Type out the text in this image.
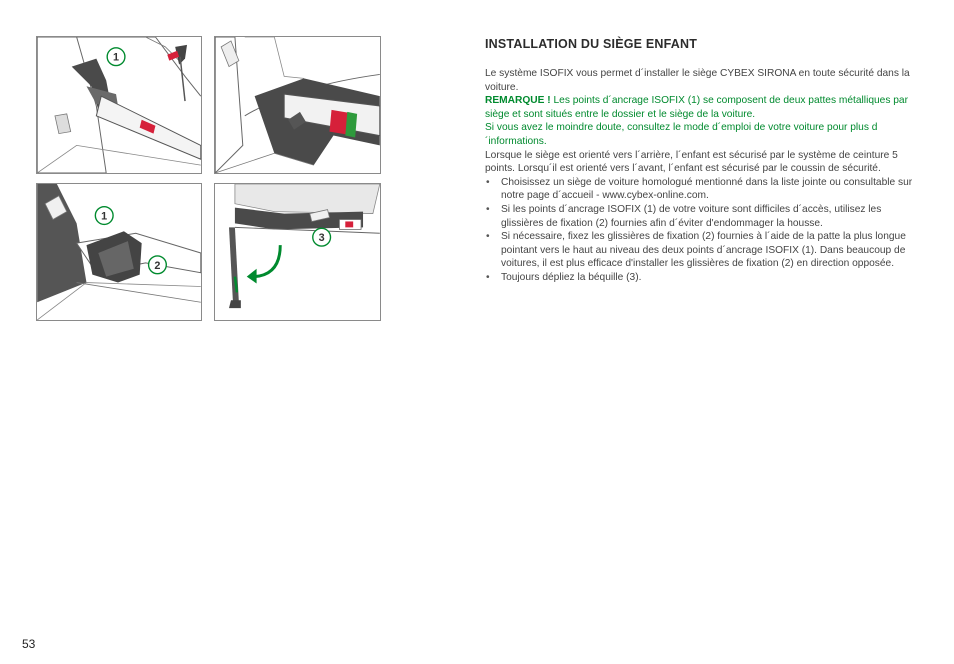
1
1
2
3
INSTALLATION DU SIÈGE ENFANT

Le système ISOFIX vous permet d´installer le siège CYBEX SIRONA en toute sécurité dans la voiture.

REMARQUE ! Les points d´ancrage ISOFIX (1) se composent de deux pattes métalliques par siège et sont situés entre le dossier et le siège de la voiture.

Si vous avez le moindre doute, consultez le mode d´emploi de votre voiture pour plus d´informations.

Lorsque le siège est orienté vers l´arrière, l´enfant est sécurisé par le système de ceinture 5 points. Lorsqu´il est orienté vers l´avant, l´enfant est sécurisé par le coussin de sécurité.

• Choisissez un siège de voiture homologué mentionné dans la liste jointe ou consultable sur notre page d´accueil - www.cybex-online.com.
• Si les points d´ancrage ISOFIX (1) de votre voiture sont difficiles d´accès, utilisez les glissières de fixation (2) fournies afin d´éviter d'endommager la housse.
• Si nécessaire, fixez les glissières de fixation (2) fournies à l´aide de la patte la plus longue pointant vers le haut au niveau des deux points d´ancrage ISOFIX (1). Dans beaucoup de voitures, il est plus efficace d'installer les glissières de fixation (2) en direction opposée.
• Toujours dépliez la béquille (3).
53
